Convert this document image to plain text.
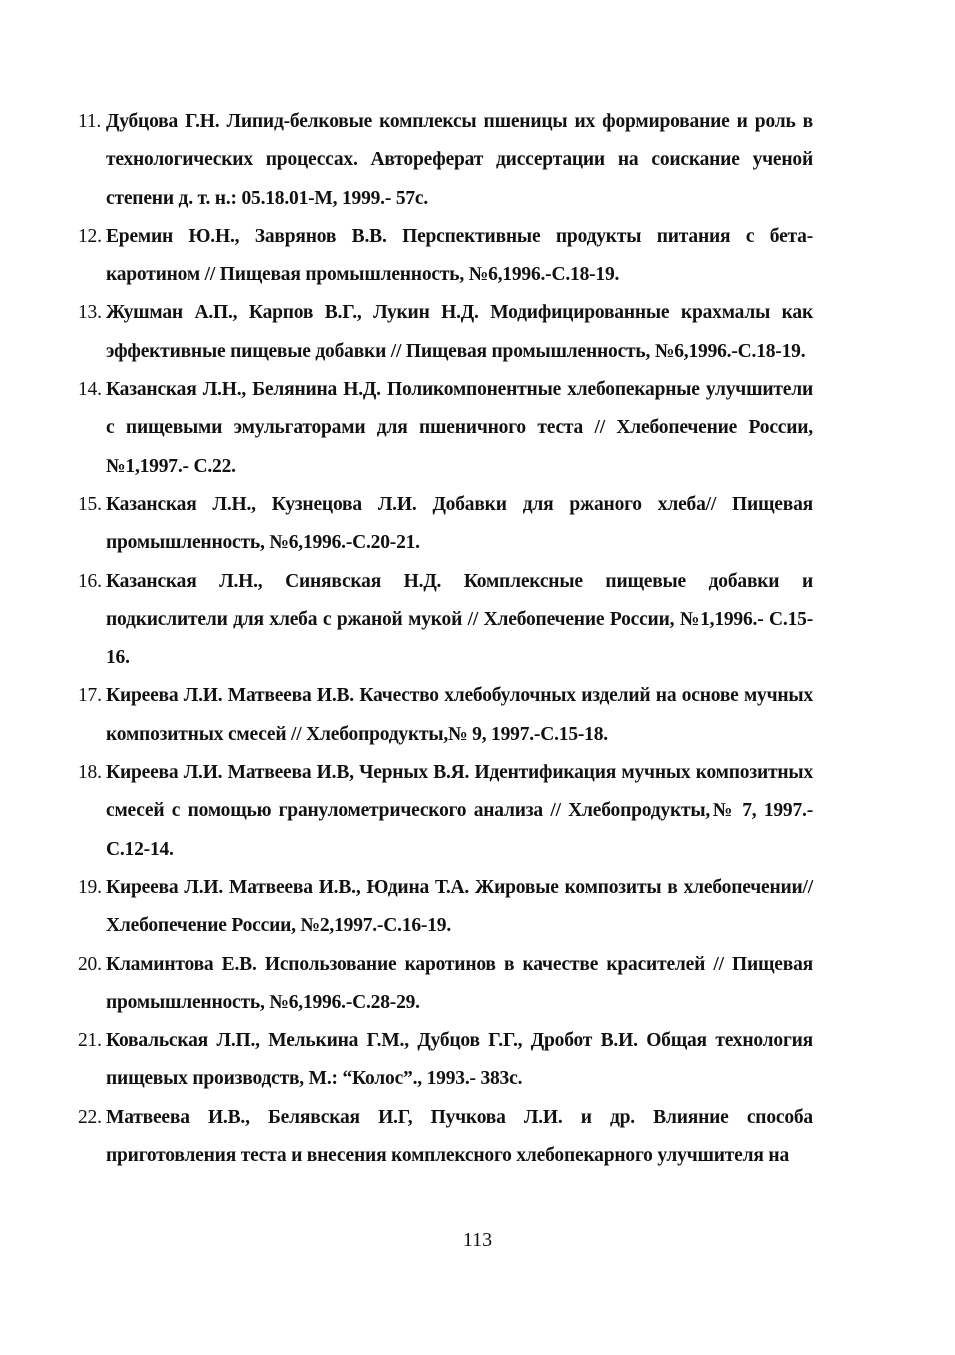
11. Дубцова Г.Н. Липид-белковые комплексы пшеницы их формирование и роль в технологических процессах. Автореферат диссертации на соискание ученой степени д. т. н.: 05.18.01-М, 1999.- 57с.
12. Еремин Ю.Н., Заврянов В.В. Перспективные продукты питания с бета-каротином // Пищевая промышленность, №6,1996.-С.18-19.
13. Жушман А.П., Карпов В.Г., Лукин Н.Д. Модифицированные крахмалы как эффективные пищевые добавки // Пищевая промышленность, №6,1996.-С.18-19.
14. Казанская Л.Н., Белянина Н.Д. Поликомпонентные хлебопекарные улучшители с пищевыми эмульгаторами для пшеничного теста // Хлебопечение России,№1,1997.- С.22.
15. Казанская Л.Н., Кузнецова Л.И. Добавки для ржаного хлеба// Пищевая промышленность, №6,1996.-С.20-21.
16. Казанская Л.Н., Синявская Н.Д. Комплексные пищевые добавки и подкислители для хлеба с ржаной мукой // Хлебопечение России, №1,1996.- С.15-16.
17. Киреева Л.И. Матвеева И.В. Качество хлебобулочных изделий на основе мучных композитных смесей // Хлебопродукты,№ 9, 1997.-С.15-18.
18. Киреева Л.И. Матвеева И.В, Черных В.Я. Идентификация мучных композитных смесей с помощью гранулометрического анализа // Хлебопродукты,№ 7, 1997.-С.12-14.
19. Киреева Л.И. Матвеева И.В., Юдина Т.А. Жировые композиты в хлебопечении// Хлебопечение России, №2,1997.-С.16-19.
20. Кламинтова Е.В. Использование каротинов в качестве красителей // Пищевая промышленность, №6,1996.-С.28-29.
21. Ковальская Л.П., Мелькина Г.М., Дубцов Г.Г., Дробот В.И. Общая технология пищевых производств, М.: “Колос”., 1993.- 383с.
22. Матвеева И.В., Белявская И.Г, Пучкова Л.И. и др. Влияние способа приготовления теста и внесения комплексного хлебопекарного улучшителя на
113
